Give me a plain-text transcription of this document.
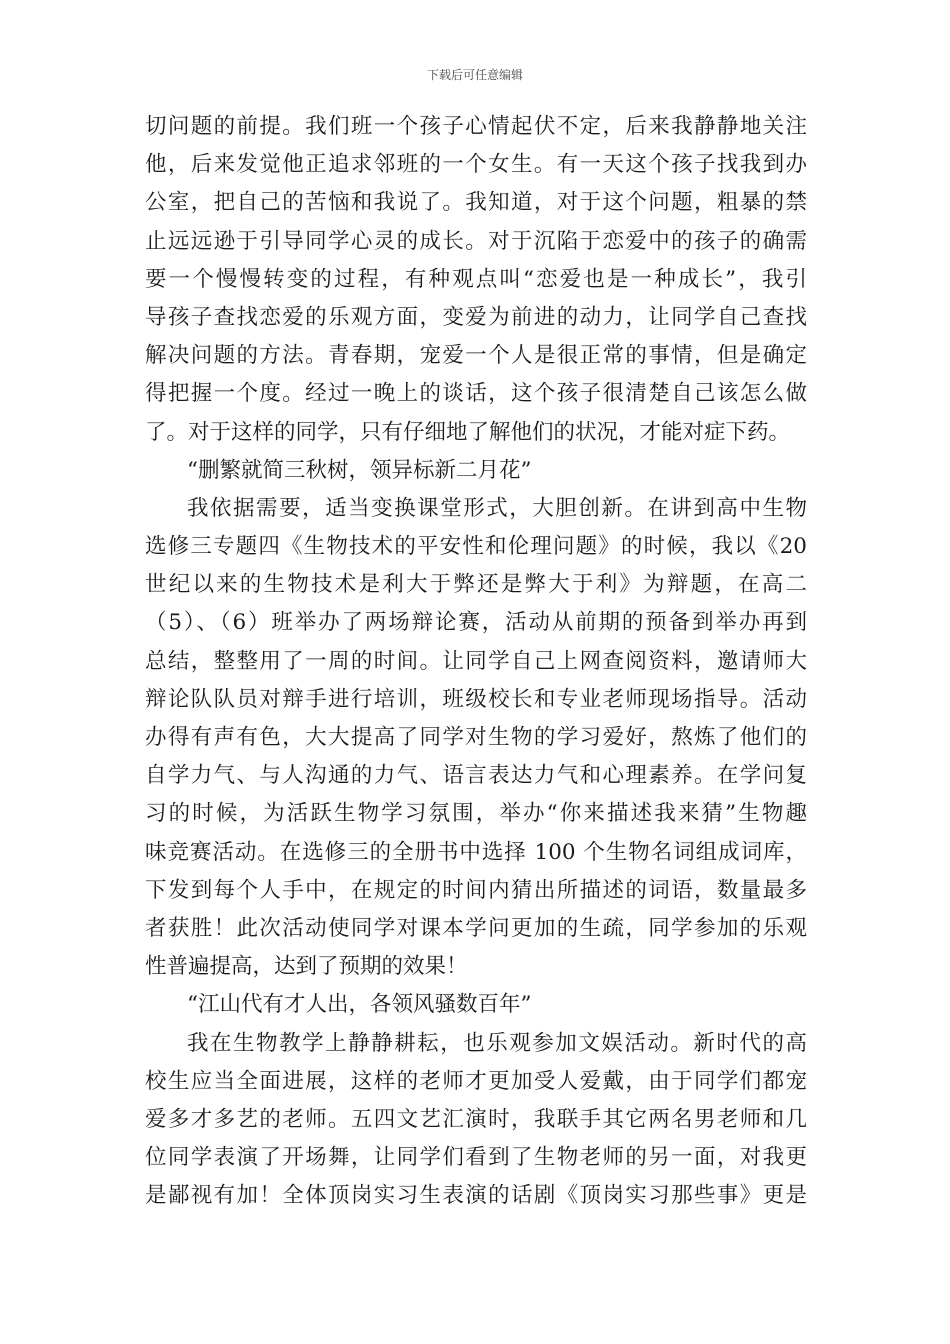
下载后可任意编辑
切问题的前提。我们班一个孩子心情起伏不定，后来我静静地关注
他，后来发觉他正追求邻班的一个女生。有一天这个孩子找我到办
公室，把自己的苦恼和我说了。我知道，对于这个问题，粗暴的禁
止远远逊于引导同学心灵的成长。对于沉陷于恋爱中的孩子的确需
要一个慢慢转变的过程，有种观点叫“恋爱也是一种成长”，我引
导孩子查找恋爱的乐观方面，变爱为前进的动力，让同学自己查找
解决问题的方法。青春期，宠爱一个人是很正常的事情，但是确定
得把握一个度。经过一晚上的谈话，这个孩子很清楚自己该怎么做
了。对于这样的同学，只有仔细地了解他们的状况，才能对症下药。
“删繁就简三秋树，领异标新二月花”
我依据需要，适当变换课堂形式，大胆创新。在讲到高中生物
选修三专题四《生物技术的平安性和伦理问题》的时候，我以《20
世纪以来的生物技术是利大于弊还是弊大于利》为辩题，在高二
（5）、（6）班举办了两场辩论赛，活动从前期的预备到举办再到
总结，整整用了一周的时间。让同学自己上网查阅资料，邀请师大
辩论队队员对辩手进行培训，班级校长和专业老师现场指导。活动
办得有声有色，大大提高了同学对生物的学习爱好，熬炼了他们的
自学力气、与人沟通的力气、语言表达力气和心理素养。在学问复
习的时候，为活跃生物学习氛围，举办“你来描述我来猜”生物趣
味竞赛活动。在选修三的全册书中选择 100 个生物名词组成词库，
下发到每个人手中，在规定的时间内猜出所描述的词语，数量最多
者获胜！此次活动使同学对课本学问更加的生疏，同学参加的乐观
性普遍提高，达到了预期的效果！
“江山代有才人出，各领风骚数百年”
我在生物教学上静静耕耘，也乐观参加文娱活动。新时代的高
校生应当全面进展，这样的老师才更加受人爱戴，由于同学们都宠
爱多才多艺的老师。五四文艺汇演时，我联手其它两名男老师和几
位同学表演了开场舞，让同学们看到了生物老师的另一面，对我更
是鄙视有加！全体顶岗实习生表演的话剧《顶岗实习那些事》更是
